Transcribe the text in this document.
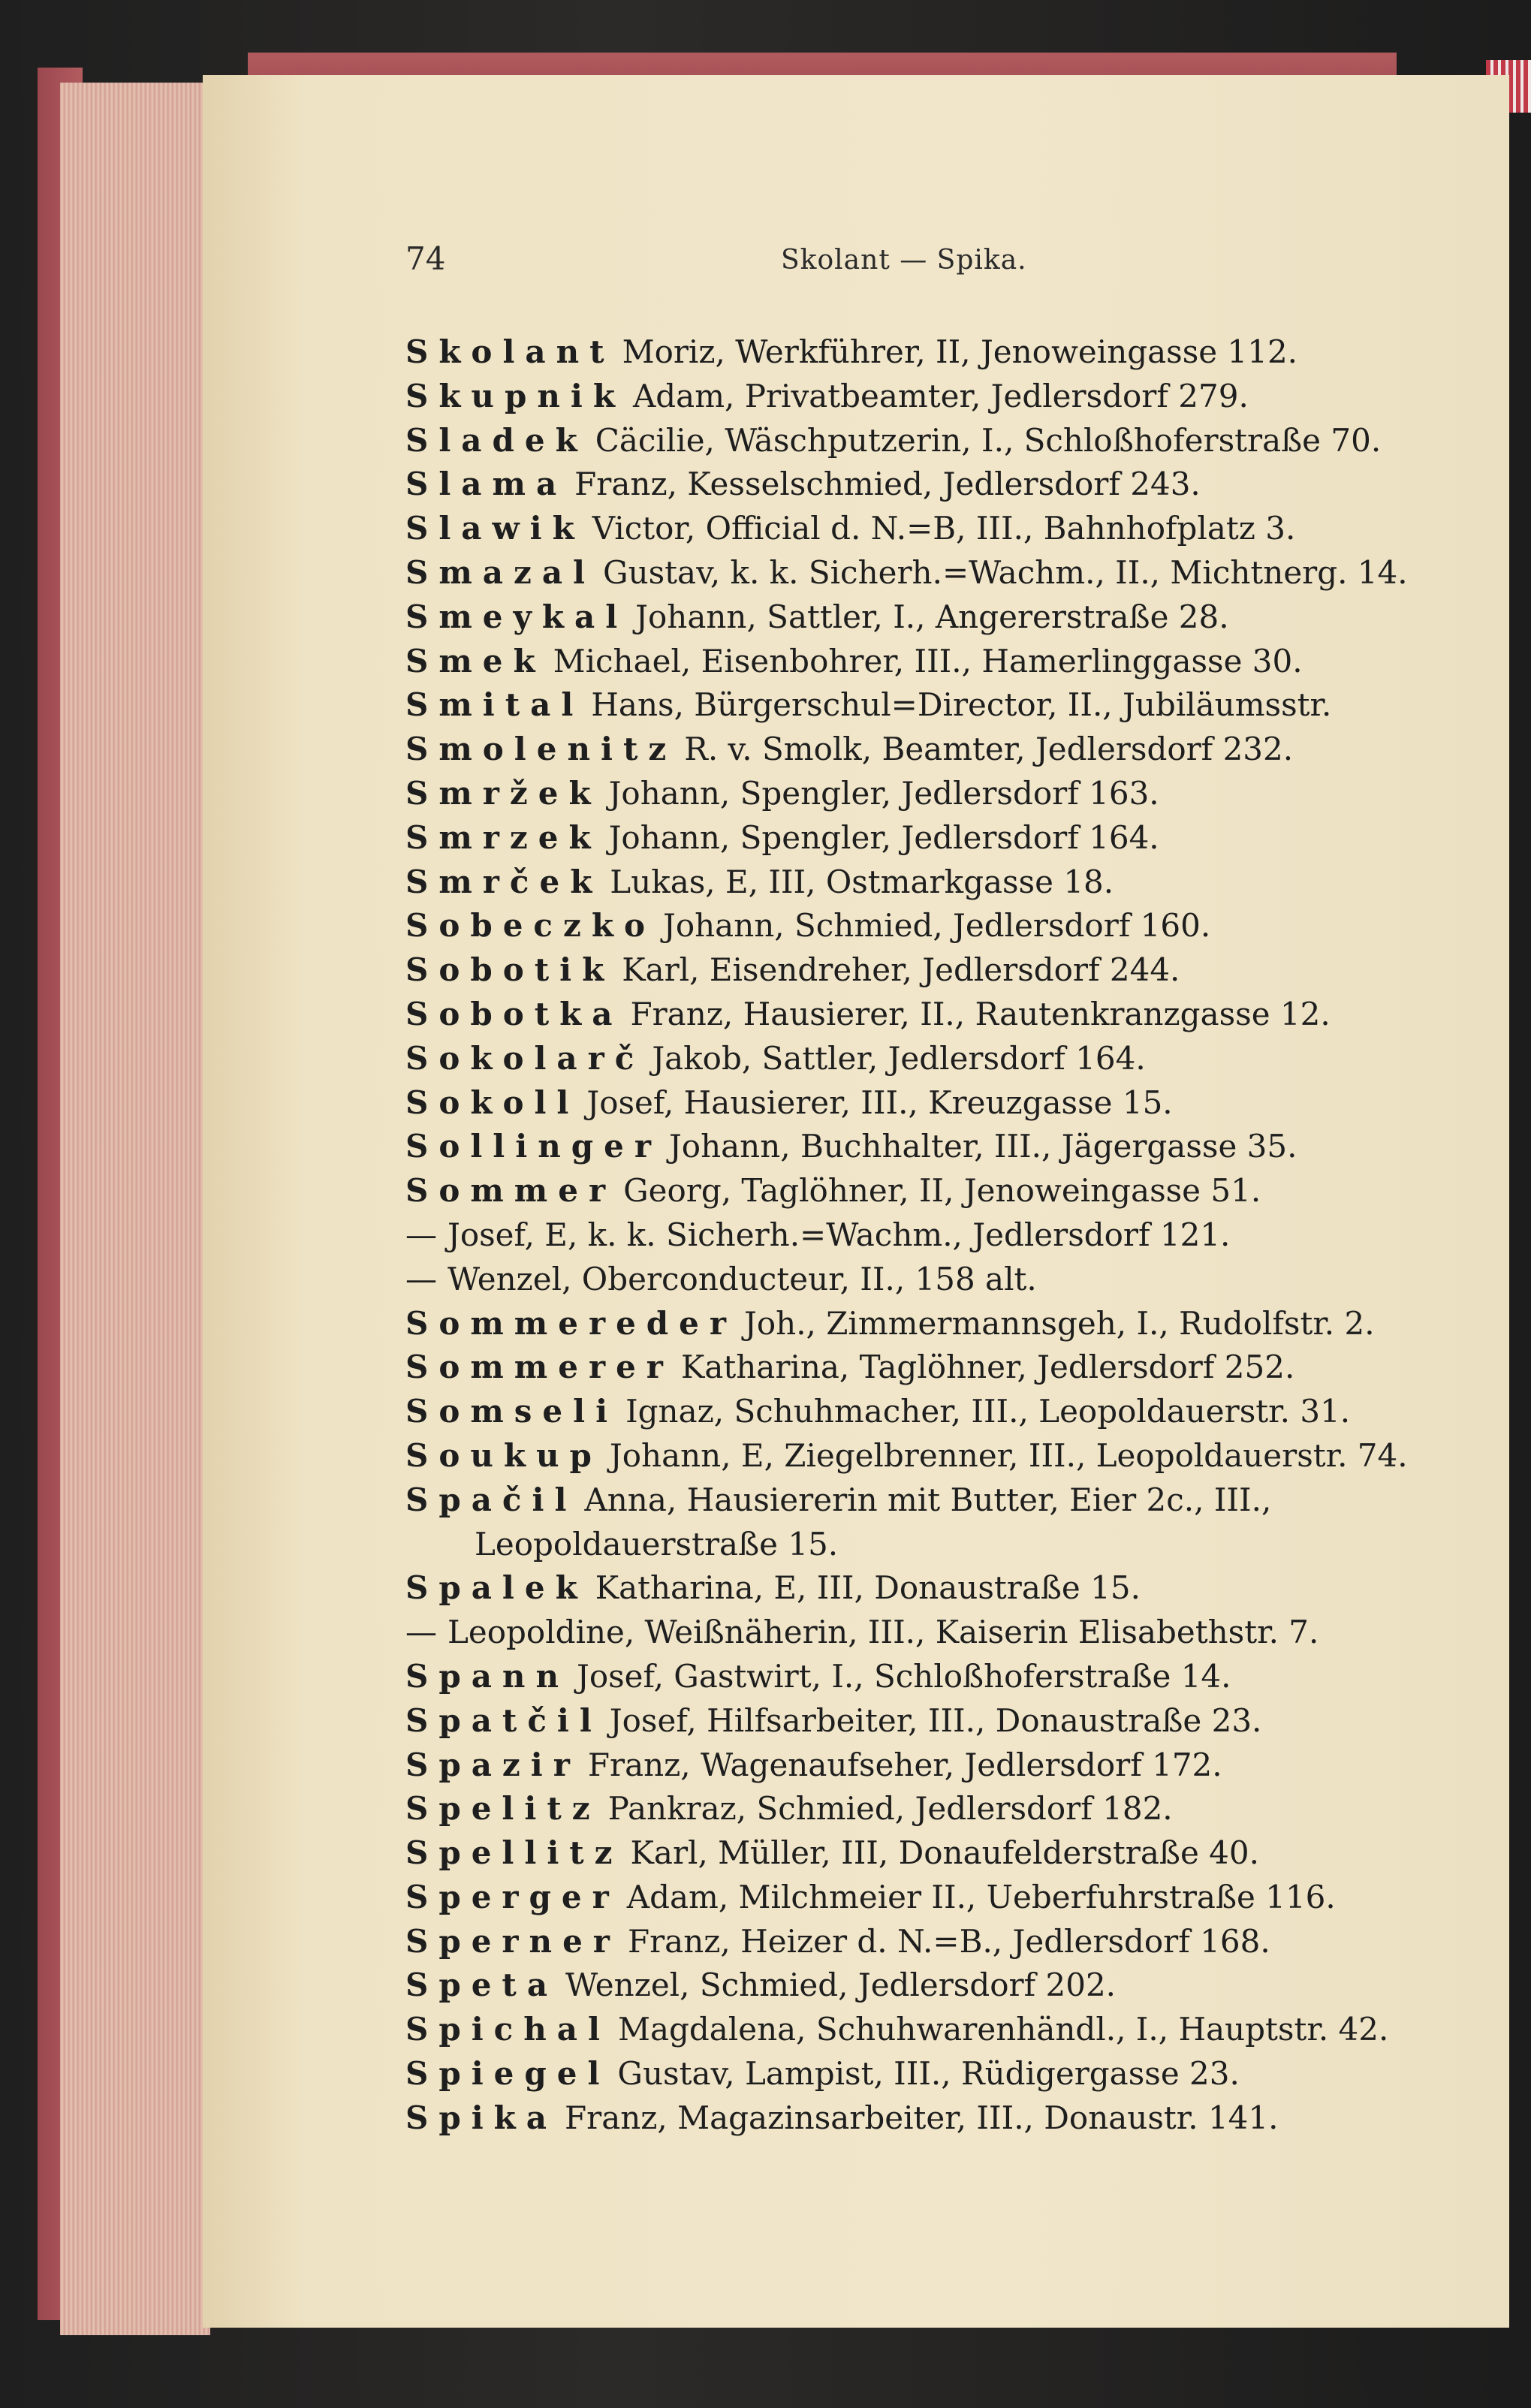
74	Skolant — Spika.
Skolant Moriz, Werkführer, II, Jenoweingasse 112.
Skupnik Adam, Privatbeamter, Jedlersdorf 279.
Sladek Cäcilie, Wäschputzerin, I., Schloßhoferstraße 70.
Slama Franz, Kesselschmied, Jedlersdorf 243.
Slawik Victor, Official d. N.=B, III., Bahnhofplatz 3.
Smazal Gustav, k. k. Sicherh.=Wachm., II., Michtnerg. 14.
Smeykal Johann, Sattler, I., Angererstraße 28.
Smek Michael, Eisenbohrer, III., Hamerlinggasse 30.
Smital Hans, Bürgerschul=Director, II., Jubiläumsstr.
Smolenitz R. v. Smolk, Beamter, Jedlersdorf 232.
Smržek Johann, Spengler, Jedlersdorf 163.
Smrzek Johann, Spengler, Jedlersdorf 164.
Smrček Lukas, E, III, Ostmarkgasse 18.
Sobeczko Johann, Schmied, Jedlersdorf 160.
Sobotik Karl, Eisendreher, Jedlersdorf 244.
Sobotka Franz, Hausierer, II., Rautenkranzgasse 12.
Sokolarč Jakob, Sattler, Jedlersdorf 164.
Sokoll Josef, Hausierer, III., Kreuzgasse 15.
Sollinger Johann, Buchhalter, III., Jägergasse 35.
Sommer Georg, Taglöhner, II, Jenoweingasse 51.
— Josef, E, k. k. Sicherh.=Wachm., Jedlersdorf 121.
— Wenzel, Oberconducteur, II., 158 alt.
Sommereder Joh., Zimmermannsgeh, I., Rudolfstr. 2.
Sommerer Katharina, Taglöhner, Jedlersdorf 252.
Somseli Ignaz, Schuhmacher, III., Leopoldauerstr. 31.
Soukup Johann, E, Ziegelbrenner, III., Leopoldauerstr. 74.
Spačil Anna, Hausiererin mit Butter, Eier 2c., III.,
Leopoldauerstraße 15.
Spalek Katharina, E, III, Donaustraße 15.
— Leopoldine, Weißnäherin, III., Kaiserin Elisabethstr. 7.
Spann Josef, Gastwirt, I., Schloßhoferstraße 14.
Spatčil Josef, Hilfsarbeiter, III., Donaustraße 23.
Spazir Franz, Wagenaufseher, Jedlersdorf 172.
Spelitz Pankraz, Schmied, Jedlersdorf 182.
Spellitz Karl, Müller, III, Donaufelderstraße 40.
Sperger Adam, Milchmeier II., Ueberfuhrstraße 116.
Sperner Franz, Heizer d. N.=B., Jedlersdorf 168.
Speta Wenzel, Schmied, Jedlersdorf 202.
Spichal Magdalena, Schuhwarenhändl., I., Hauptstr. 42.
Spiegel Gustav, Lampist, III., Rüdigergasse 23.
Spika Franz, Magazinsarbeiter, III., Donaustr. 141.
